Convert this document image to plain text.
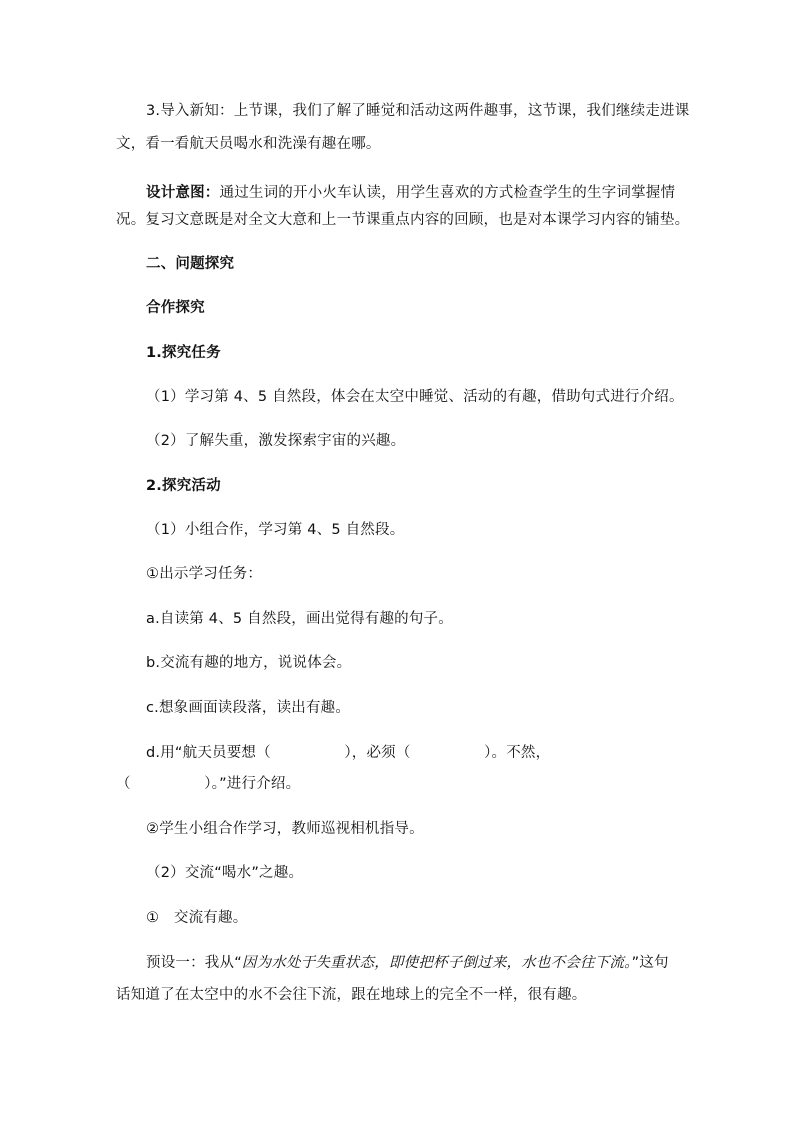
3.导入新知：上节课，我们了解了睡觉和活动这两件趣事，这节课，我们继续走进课
文，看一看航天员喝水和洗澡有趣在哪。
设计意图：通过生词的开小火车认读，用学生喜欢的方式检查学生的生字词掌握情
况。复习文意既是对全文大意和上一节课重点内容的回顾，也是对本课学习内容的铺垫。
二、问题探究
合作探究
1.探究任务
（1）学习第 4、5 自然段，体会在太空中睡觉、活动的有趣，借助句式进行介绍。
（2）了解失重，激发探索宇宙的兴趣。
2.探究活动
（1）小组合作，学习第 4、5 自然段。
①出示学习任务：
a.自读第 4、5 自然段，画出觉得有趣的句子。
b.交流有趣的地方，说说体会。
c.想象画面读段落，读出有趣。
d.用“航天员要想（　　　　　），必须（　　　　　）。不然，
（　　　　　）。”进行介绍。
②学生小组合作学习，教师巡视相机指导。
（2）交流“喝水”之趣。
①　交流有趣。
预设一：我从“因为水处于失重状态，即使把杯子倒过来，水也不会往下流。”这句
话知道了在太空中的水不会往下流，跟在地球上的完全不一样，很有趣。
